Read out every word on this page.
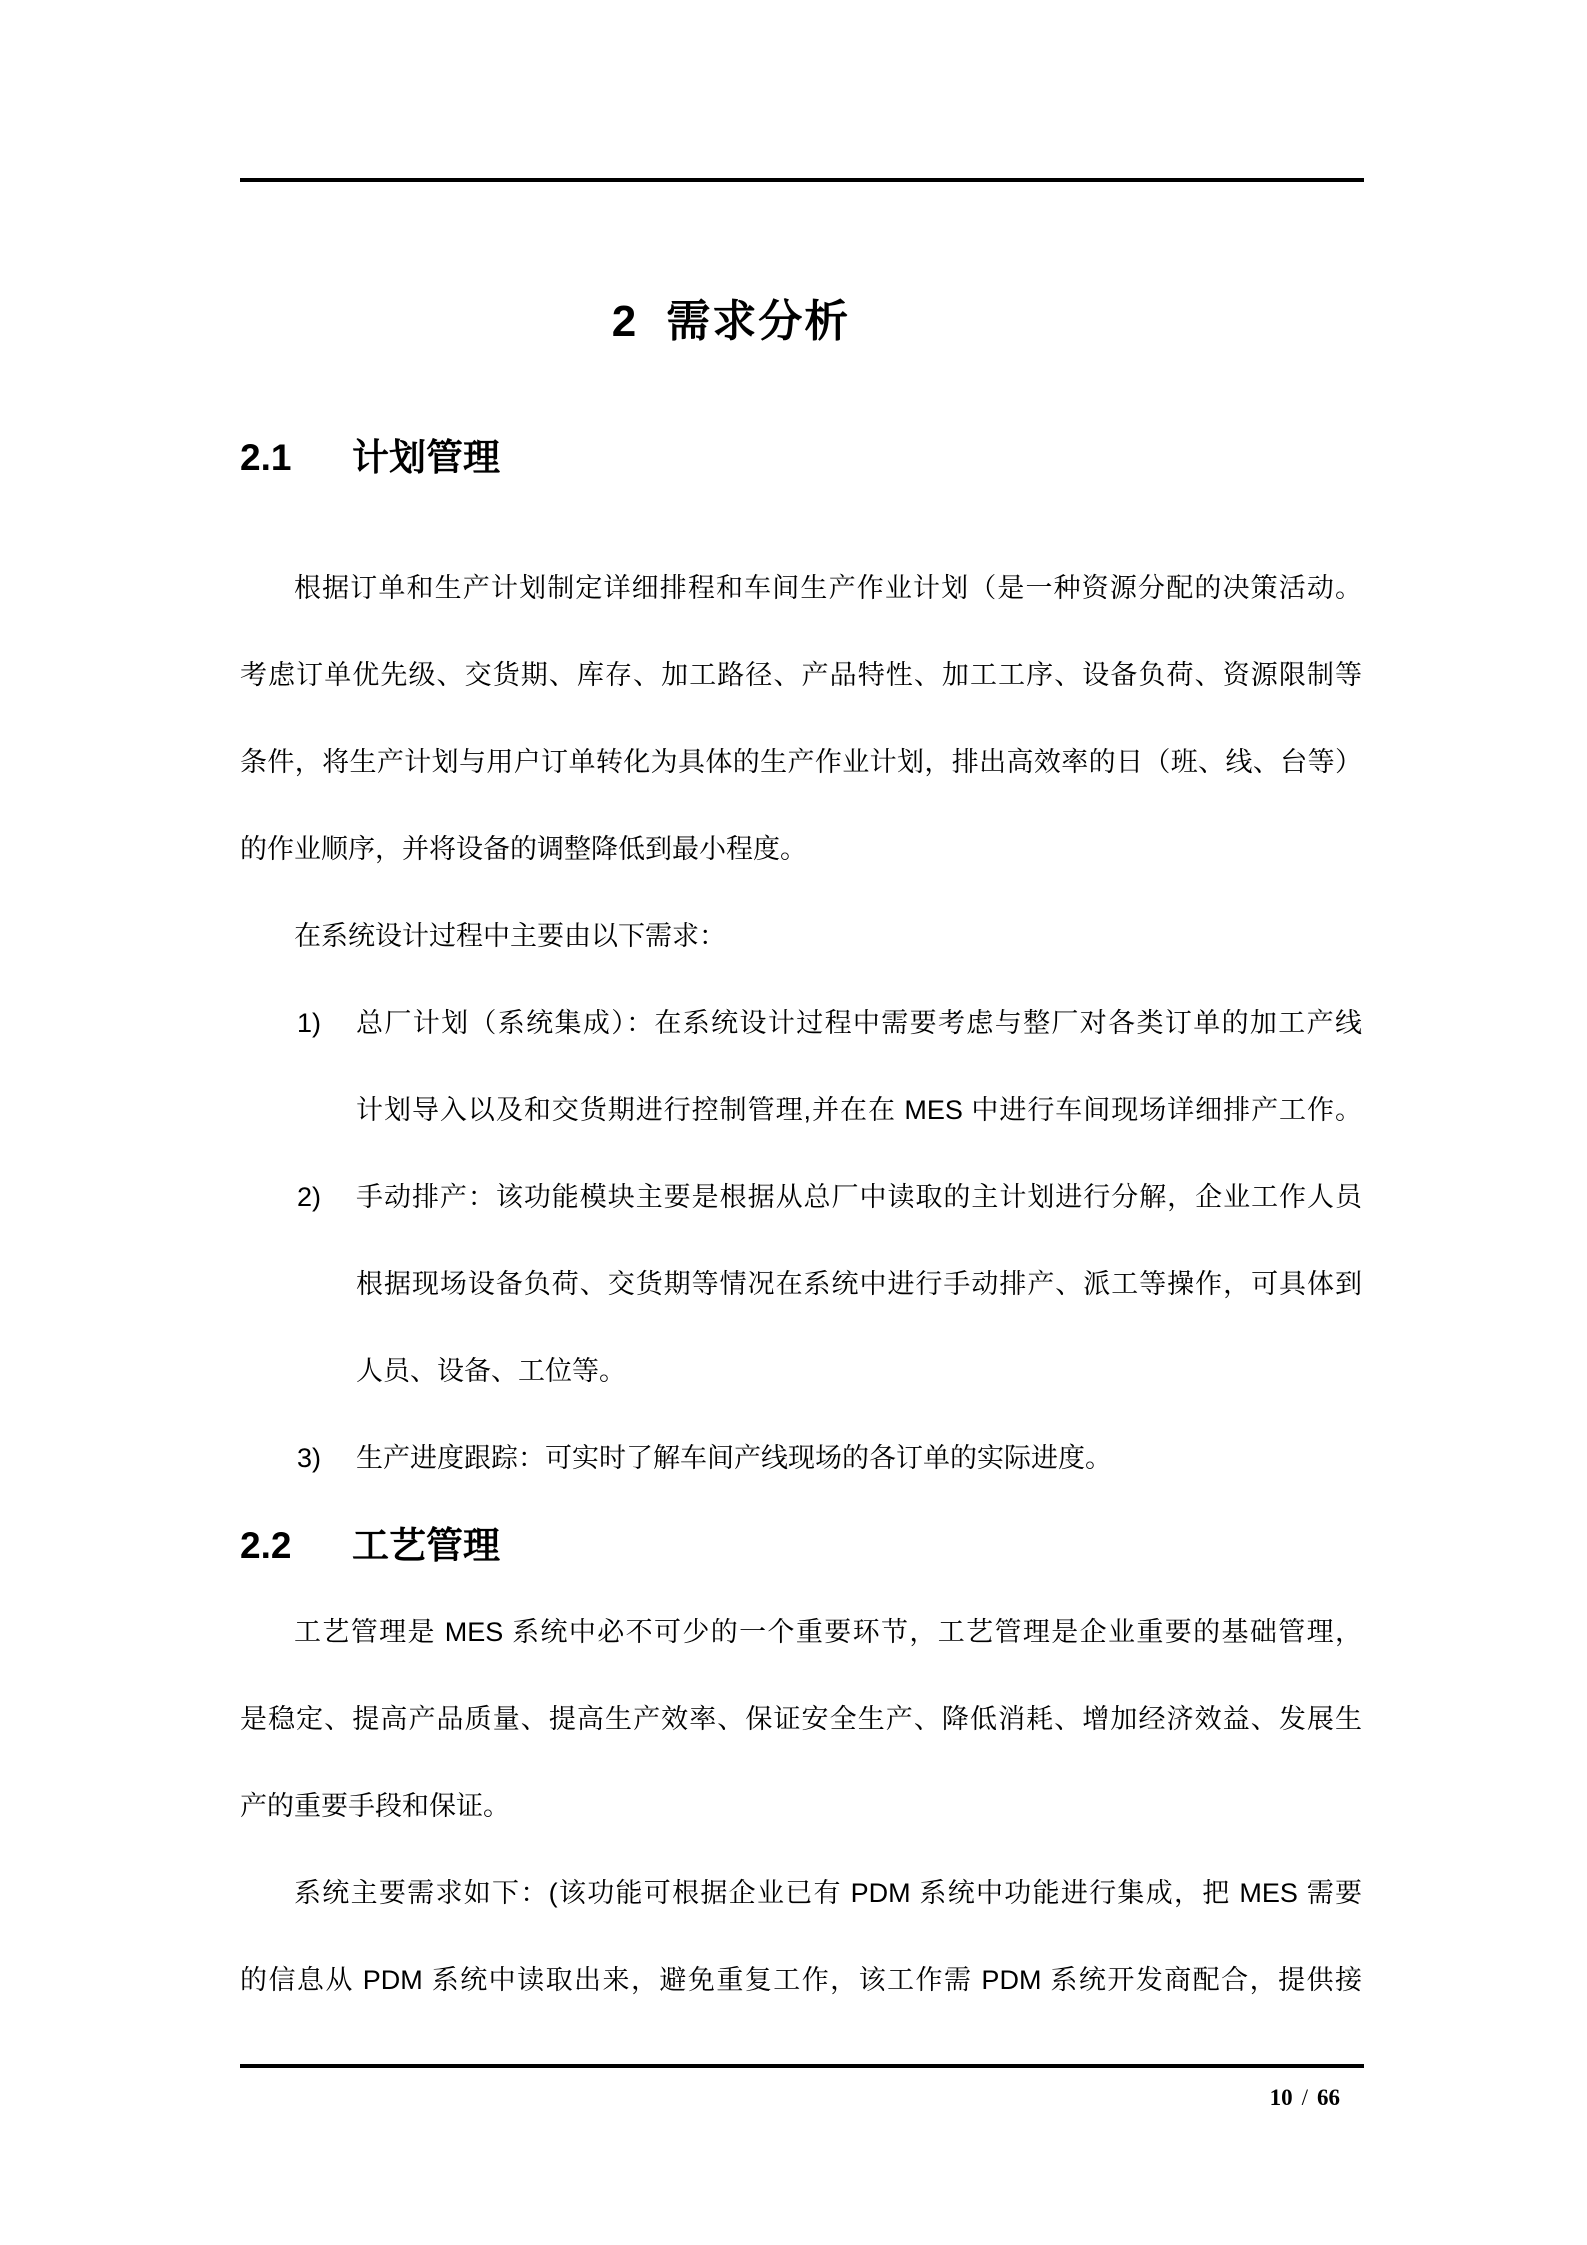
2 需求分析
2.1	计划管理
根据订单和生产计划制定详细排程和车间生产作业计划（是一种资源分配的决策活动。
考虑订单优先级、交货期、库存、加工路径、产品特性、加工工序、设备负荷、资源限制等
条件，将生产计划与用户订单转化为具体的生产作业计划，排出高效率的日（班、线、台等）
的作业顺序，并将设备的调整降低到最小程度。
在系统设计过程中主要由以下需求：
1) 总厂计划（系统集成）：在系统设计过程中需要考虑与整厂对各类订单的加工产线
计划导入以及和交货期进行控制管理,并在在 MES 中进行车间现场详细排产工作。
2) 手动排产：该功能模块主要是根据从总厂中读取的主计划进行分解，企业工作人员
根据现场设备负荷、交货期等情况在系统中进行手动排产、派工等操作，可具体到
人员、设备、工位等。
3) 生产进度跟踪：可实时了解车间产线现场的各订单的实际进度。
2.2	工艺管理
工艺管理是 MES 系统中必不可少的一个重要环节，工艺管理是企业重要的基础管理，
是稳定、提高产品质量、提高生产效率、保证安全生产、降低消耗、增加经济效益、发展生
产的重要手段和保证。
系统主要需求如下：(该功能可根据企业已有 PDM 系统中功能进行集成，把 MES 需要
的信息从 PDM 系统中读取出来，避免重复工作，该工作需 PDM 系统开发商配合，提供接
10 / 66
